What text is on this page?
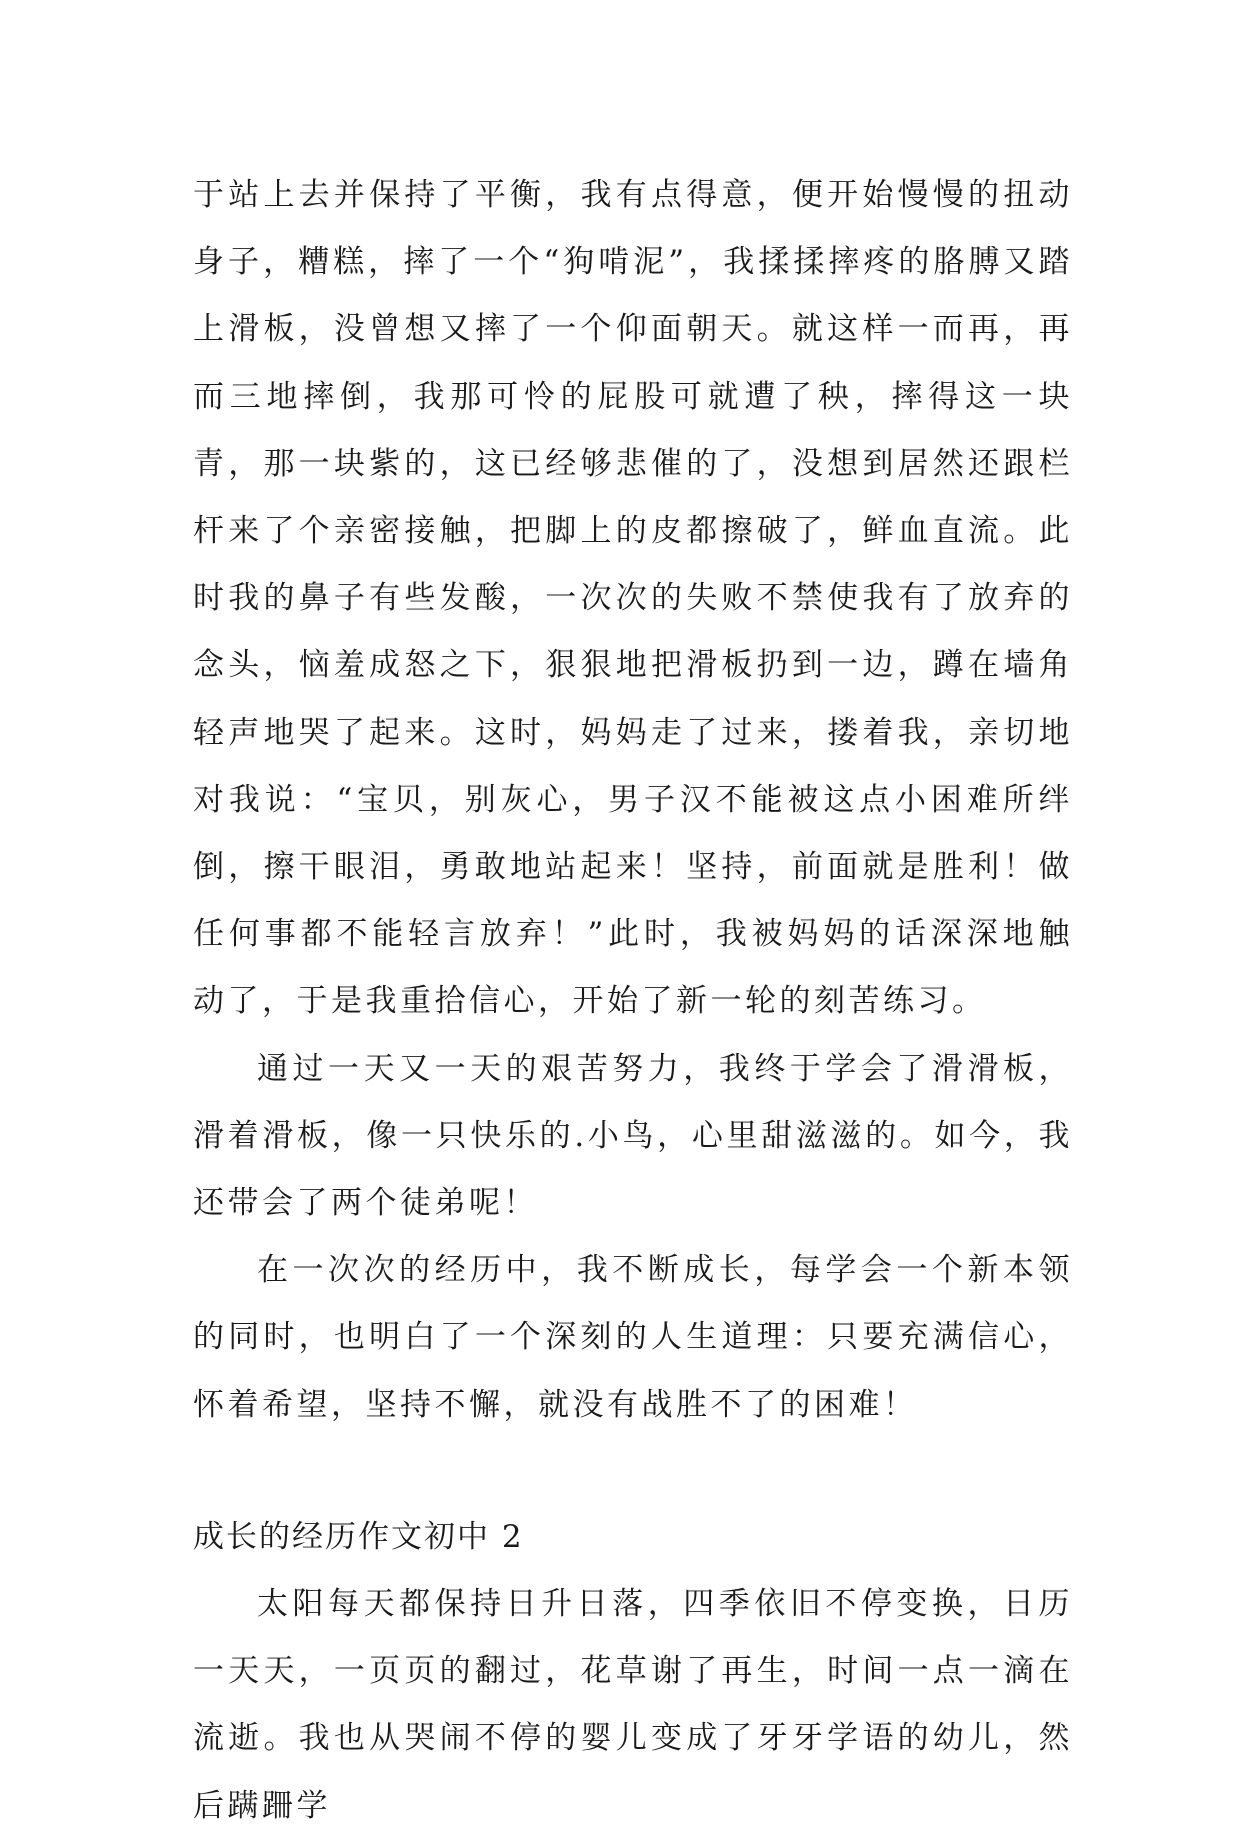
于站上去并保持了平衡，我有点得意，便开始慢慢的扭动身子，糟糕，摔了一个“狗啃泥”，我揉揉摔疼的胳膊又踏上滑板，没曾想又摔了一个仰面朝天。就这样一而再，再而三地摔倒，我那可怜的屁股可就遭了秧，摔得这一块青，那一块紫的，这已经够悲催的了，没想到居然还跟栏杆来了个亲密接触，把脚上的皮都擦破了，鲜血直流。此时我的鼻子有些发酸，一次次的失败不禁使我有了放弃的念头，恼羞成怒之下，狠狠地把滑板扔到一边，蹲在墙角轻声地哭了起来。这时，妈妈走了过来，搂着我，亲切地对我说：“宝贝，别灰心，男子汉不能被这点小困难所绊倒，擦干眼泪，勇敢地站起来！坚持，前面就是胜利！做任何事都不能轻言放弃！”此时，我被妈妈的话深深地触动了，于是我重拾信心，开始了新一轮的刻苦练习。

通过一天又一天的艰苦努力，我终于学会了滑滑板，滑着滑板，像一只快乐的.小鸟，心里甜滋滋的。如今，我还带会了两个徒弟呢！

在一次次的经历中，我不断成长，每学会一个新本领的同时，也明白了一个深刻的人生道理：只要充满信心，怀着希望，坚持不懈，就没有战胜不了的困难！

成长的经历作文初中 2

太阳每天都保持日升日落，四季依旧不停变换，日历一天天，一页页的翻过，花草谢了再生，时间一点一滴在流逝。我也从哭闹不停的婴儿变成了牙牙学语的幼儿，然后蹒跚学
